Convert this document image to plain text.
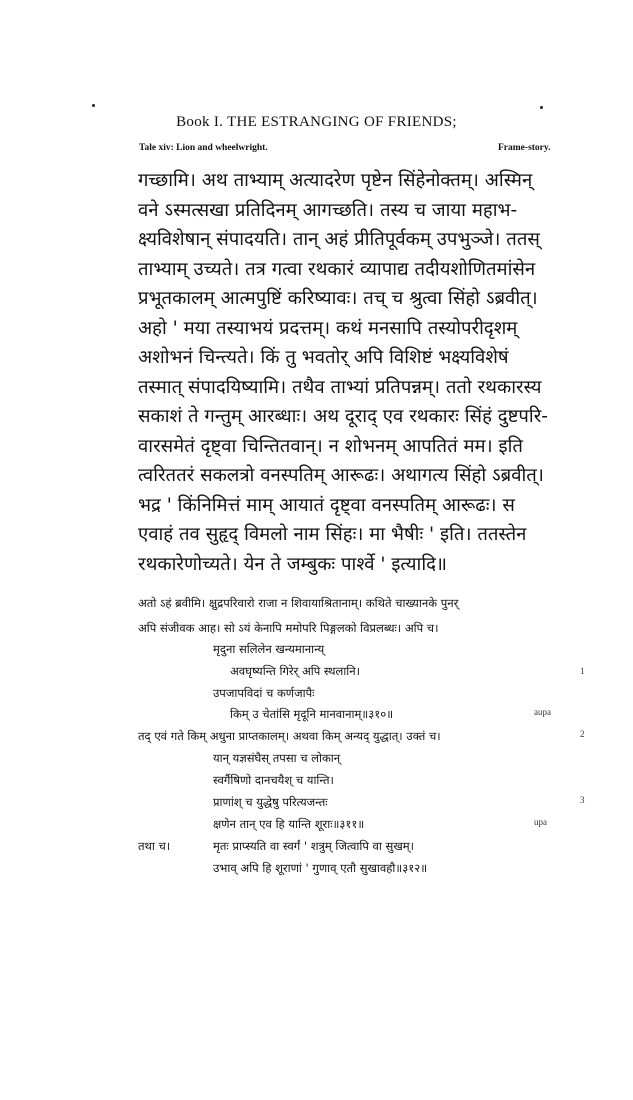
Book I. THE ESTRANGING OF FRIENDS;
Tale xiv: Lion and wheelwright.	Frame-story.
गच्छामि। अथ ताभ्याम् अत्यादरेण पृष्टेन सिंहेनोक्तम्। अस्मिन्
वने ऽस्मत्सखा प्रतिदिनम् आगच्छति। तस्य च जाया महाभ-
क्ष्यविशेषान् संपादयति। तान् अहं प्रीतिपूर्वकम् उपभुञ्जे। ततस्
ताभ्याम् उच्यते। तत्र गत्वा रथकारं व्यापाद्य तदीयशोणितमांसेन
प्रभूतकालम् आत्मपुष्टिं करिष्यावः। तच् च श्रुत्वा सिंहो ऽब्रवीत्।
अहो ' मया तस्याभयं प्रदत्तम्। कथं मनसापि तस्योपरीदृशम्
अशोभनं चिन्त्यते। किं तु भवतोर् अपि विशिष्टं भक्ष्यविशेषं
तस्मात् संपादयिष्यामि। तथैव ताभ्यां प्रतिपन्नम्। ततो रथकारस्य
सकाशं ते गन्तुम् आरब्धाः। अथ दूराद् एव रथकारः सिंहं दुष्टपरि-
वारसमेतं दृष्ट्वा चिन्तितवान्। न शोभनम् आपतितं मम। इति
त्वरिततरं सकलत्रो वनस्पतिम् आरूढः। अथागत्य सिंहो ऽब्रवीत्।
भद्र ' किंनिमित्तं माम् आयातं दृष्ट्वा वनस्पतिम् आरूढः। स
एवाहं तव सुहृद् विमलो नाम सिंहः। मा भैषीः ' इति। ततस्तेन
रथकारेणोच्यते। येन ते जम्बुकः पार्श्वे ' इत्यादि॥
अतो ऽहं ब्रवीमि। क्षुद्रपरिवारो राजा न शिवायाश्रितानाम्। कथिते चाख्यानके पुनर्
अपि संजीवक आह। सो ऽयं केनापि ममोपरि पिङ्गलको विप्रलब्धः। अपि च।
मृदुना सलिलेन खन्यमानान्य्
अवघृष्यन्ति गिरेर् अपि स्थलानि।
उपजापविदां च कर्णजापैः
किम् उ चेतांसि मृदूनि मानवानाम्॥३१०॥
तद् एवं गते किम् अधुना प्राप्तकालम्। अथवा किम् अन्यद् युद्धात्। उक्तं च।
यान् यज्ञसंघैस् तपसा च लोकान्
स्वर्गैषिणो दानचयैश् च यान्ति।
प्राणांश् च युद्धेषु परित्यजन्तः
क्षणेन तान् एव हि यान्ति शूराः॥३११॥
तथा च।	मृतः प्राप्स्यति वा स्वर्गं ' शत्रुम् जित्वापि वा सुखम्।
उभाव् अपि हि शूराणां ' गुणाव् एतौ सुखावहौ॥३१२॥
1
aupa
2
3
upa
